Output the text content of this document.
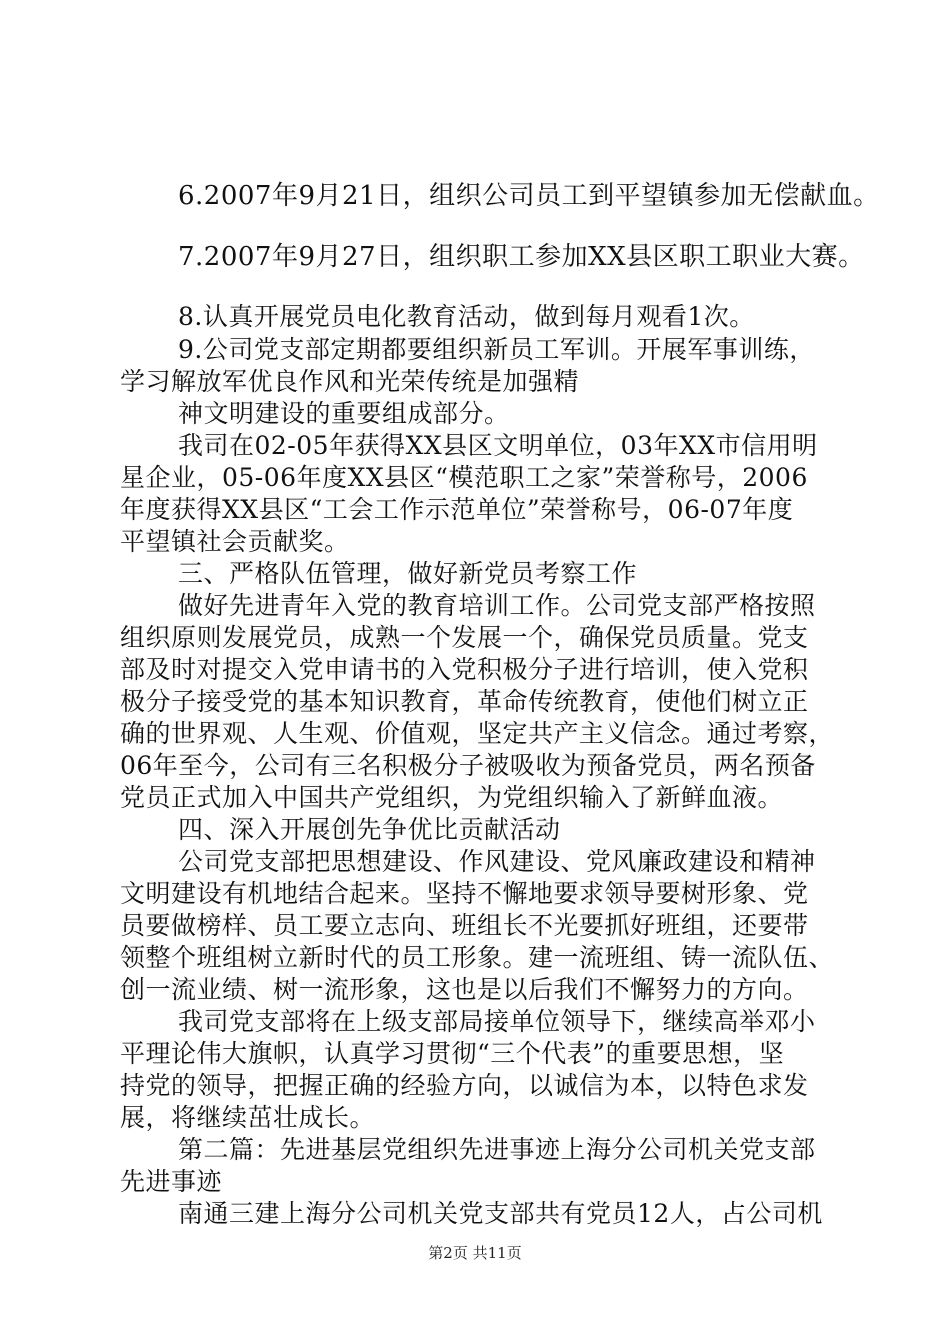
6.2007年9月21日，组织公司员工到平望镇参加无偿献血。
7.2007年9月27日，组织职工参加XX县区职工职业大赛。
8.认真开展党员电化教育活动，做到每月观看1次。
9.公司党支部定期都要组织新员工军训。开展军事训练，
学习解放军优良作风和光荣传统是加强精
神文明建设的重要组成部分。
我司在02-05年获得XX县区文明单位，03年XX市信用明
星企业，05-06年度XX县区“模范职工之家”荣誉称号，2006
年度获得XX县区“工会工作示范单位”荣誉称号，06-07年度
平望镇社会贡献奖。
三、严格队伍管理，做好新党员考察工作
做好先进青年入党的教育培训工作。公司党支部严格按照
组织原则发展党员，成熟一个发展一个，确保党员质量。党支
部及时对提交入党申请书的入党积极分子进行培训，使入党积
极分子接受党的基本知识教育，革命传统教育，使他们树立正
确的世界观、人生观、价值观，坚定共产主义信念。通过考察，
06年至今，公司有三名积极分子被吸收为预备党员，两名预备
党员正式加入中国共产党组织，为党组织输入了新鲜血液。
四、深入开展创先争优比贡献活动
公司党支部把思想建设、作风建设、党风廉政建设和精神
文明建设有机地结合起来。坚持不懈地要求领导要树形象、党
员要做榜样、员工要立志向、班组长不光要抓好班组，还要带
领整个班组树立新时代的员工形象。建一流班组、铸一流队伍、
创一流业绩、树一流形象，这也是以后我们不懈努力的方向。
我司党支部将在上级支部局接单位领导下，继续高举邓小
平理论伟大旗帜，认真学习贯彻“三个代表”的重要思想，坚
持党的领导，把握正确的经验方向，以诚信为本，以特色求发
展，将继续茁壮成长。
第二篇：先进基层党组织先进事迹上海分公司机关党支部
先进事迹
南通三建上海分公司机关党支部共有党员12人，占公司机
第2页 共11页
